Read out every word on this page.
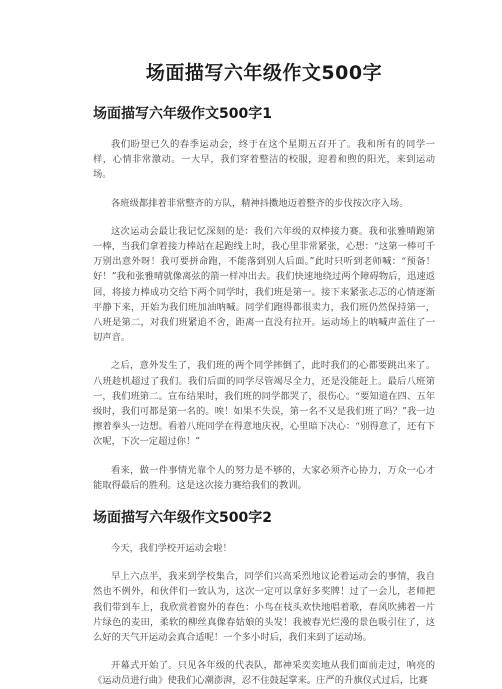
场面描写六年级作文500字
场面描写六年级作文500字1

我们盼望已久的春季运动会，终于在这个星期五召开了。我和所有的同学一样，心情非常激动。一大早，我们穿着整洁的校服，迎着和煦的阳光，来到运动场。

各班级都排着非常整齐的方队，精神抖擞地迈着整齐的步伐按次序入场。

这次运动会最让我记忆深刻的是：我们六年级的双棒接力赛。我和张雅晴跑第一棒，当我们拿着接力棒站在起跑线上时，我心里非常紧张，心想：“这第一棒可千万别出意外呀！我可要拼命跑，不能落到别人后面。”此时只听到老师喊：“预备！好！”我和张雅晴就像离弦的箭一样冲出去。我们快速地绕过两个障碍物后，迅速返回，将接力棒成功交给下两个同学时，我们班是第一。接下来紧张忐忑的心情逐渐平静下来，开始为我们班加油呐喊。同学们跑得都很卖力，我们班仍然保持第一，八班是第二，对我们班紧追不舍，距离一直没有拉开。运动场上的呐喊声盖住了一切声音。

之后，意外发生了，我们班的两个同学摔倒了，此时我们的心都要跳出来了。八班趁机超过了我们。我们后面的同学尽管竭尽全力，还是没能赶上。最后八班第一，我们班第二。宣布结果时，我们班的同学都哭了，很伤心。“要知道在四、五年级时，我们可都是第一名的。唉！如果不失误，第一名不又是我们班了吗？”我一边擦着拳头一边想。看着八班同学在得意地庆祝，心里暗下决心：“别得意了，还有下次呢，下次一定超过你！”

看来，做一件事情光靠个人的努力是不够的，大家必须齐心协力，万众一心才能取得最后的胜利。这是这次接力赛给我们的教训。

场面描写六年级作文500字2

今天，我们学校开运动会啦！

早上六点半，我来到学校集合，同学们兴高采烈地议论着运动会的事情，我自然也不例外，和伙伴们一致认为，这次一定可以拿好多奖牌！过了一会儿，老师把我们带到车上，我欣赏着窗外的春色：小鸟在枝头欢快地唱着歌，春风吹拂着一片片绿色的麦田，柔软的柳丝真像春姑娘的头发！我被春光烂漫的景色吸引住了，这么好的天气开运动会真合适呢！一个多小时后，我们来到了运动场。

开幕式开始了。只见各年级的代表队，都神采奕奕地从我们面前走过，响亮的《运动员进行曲》使我们心潮澎湃，忍不住鼓起掌来。庄严的升旗仪式过后，比赛
